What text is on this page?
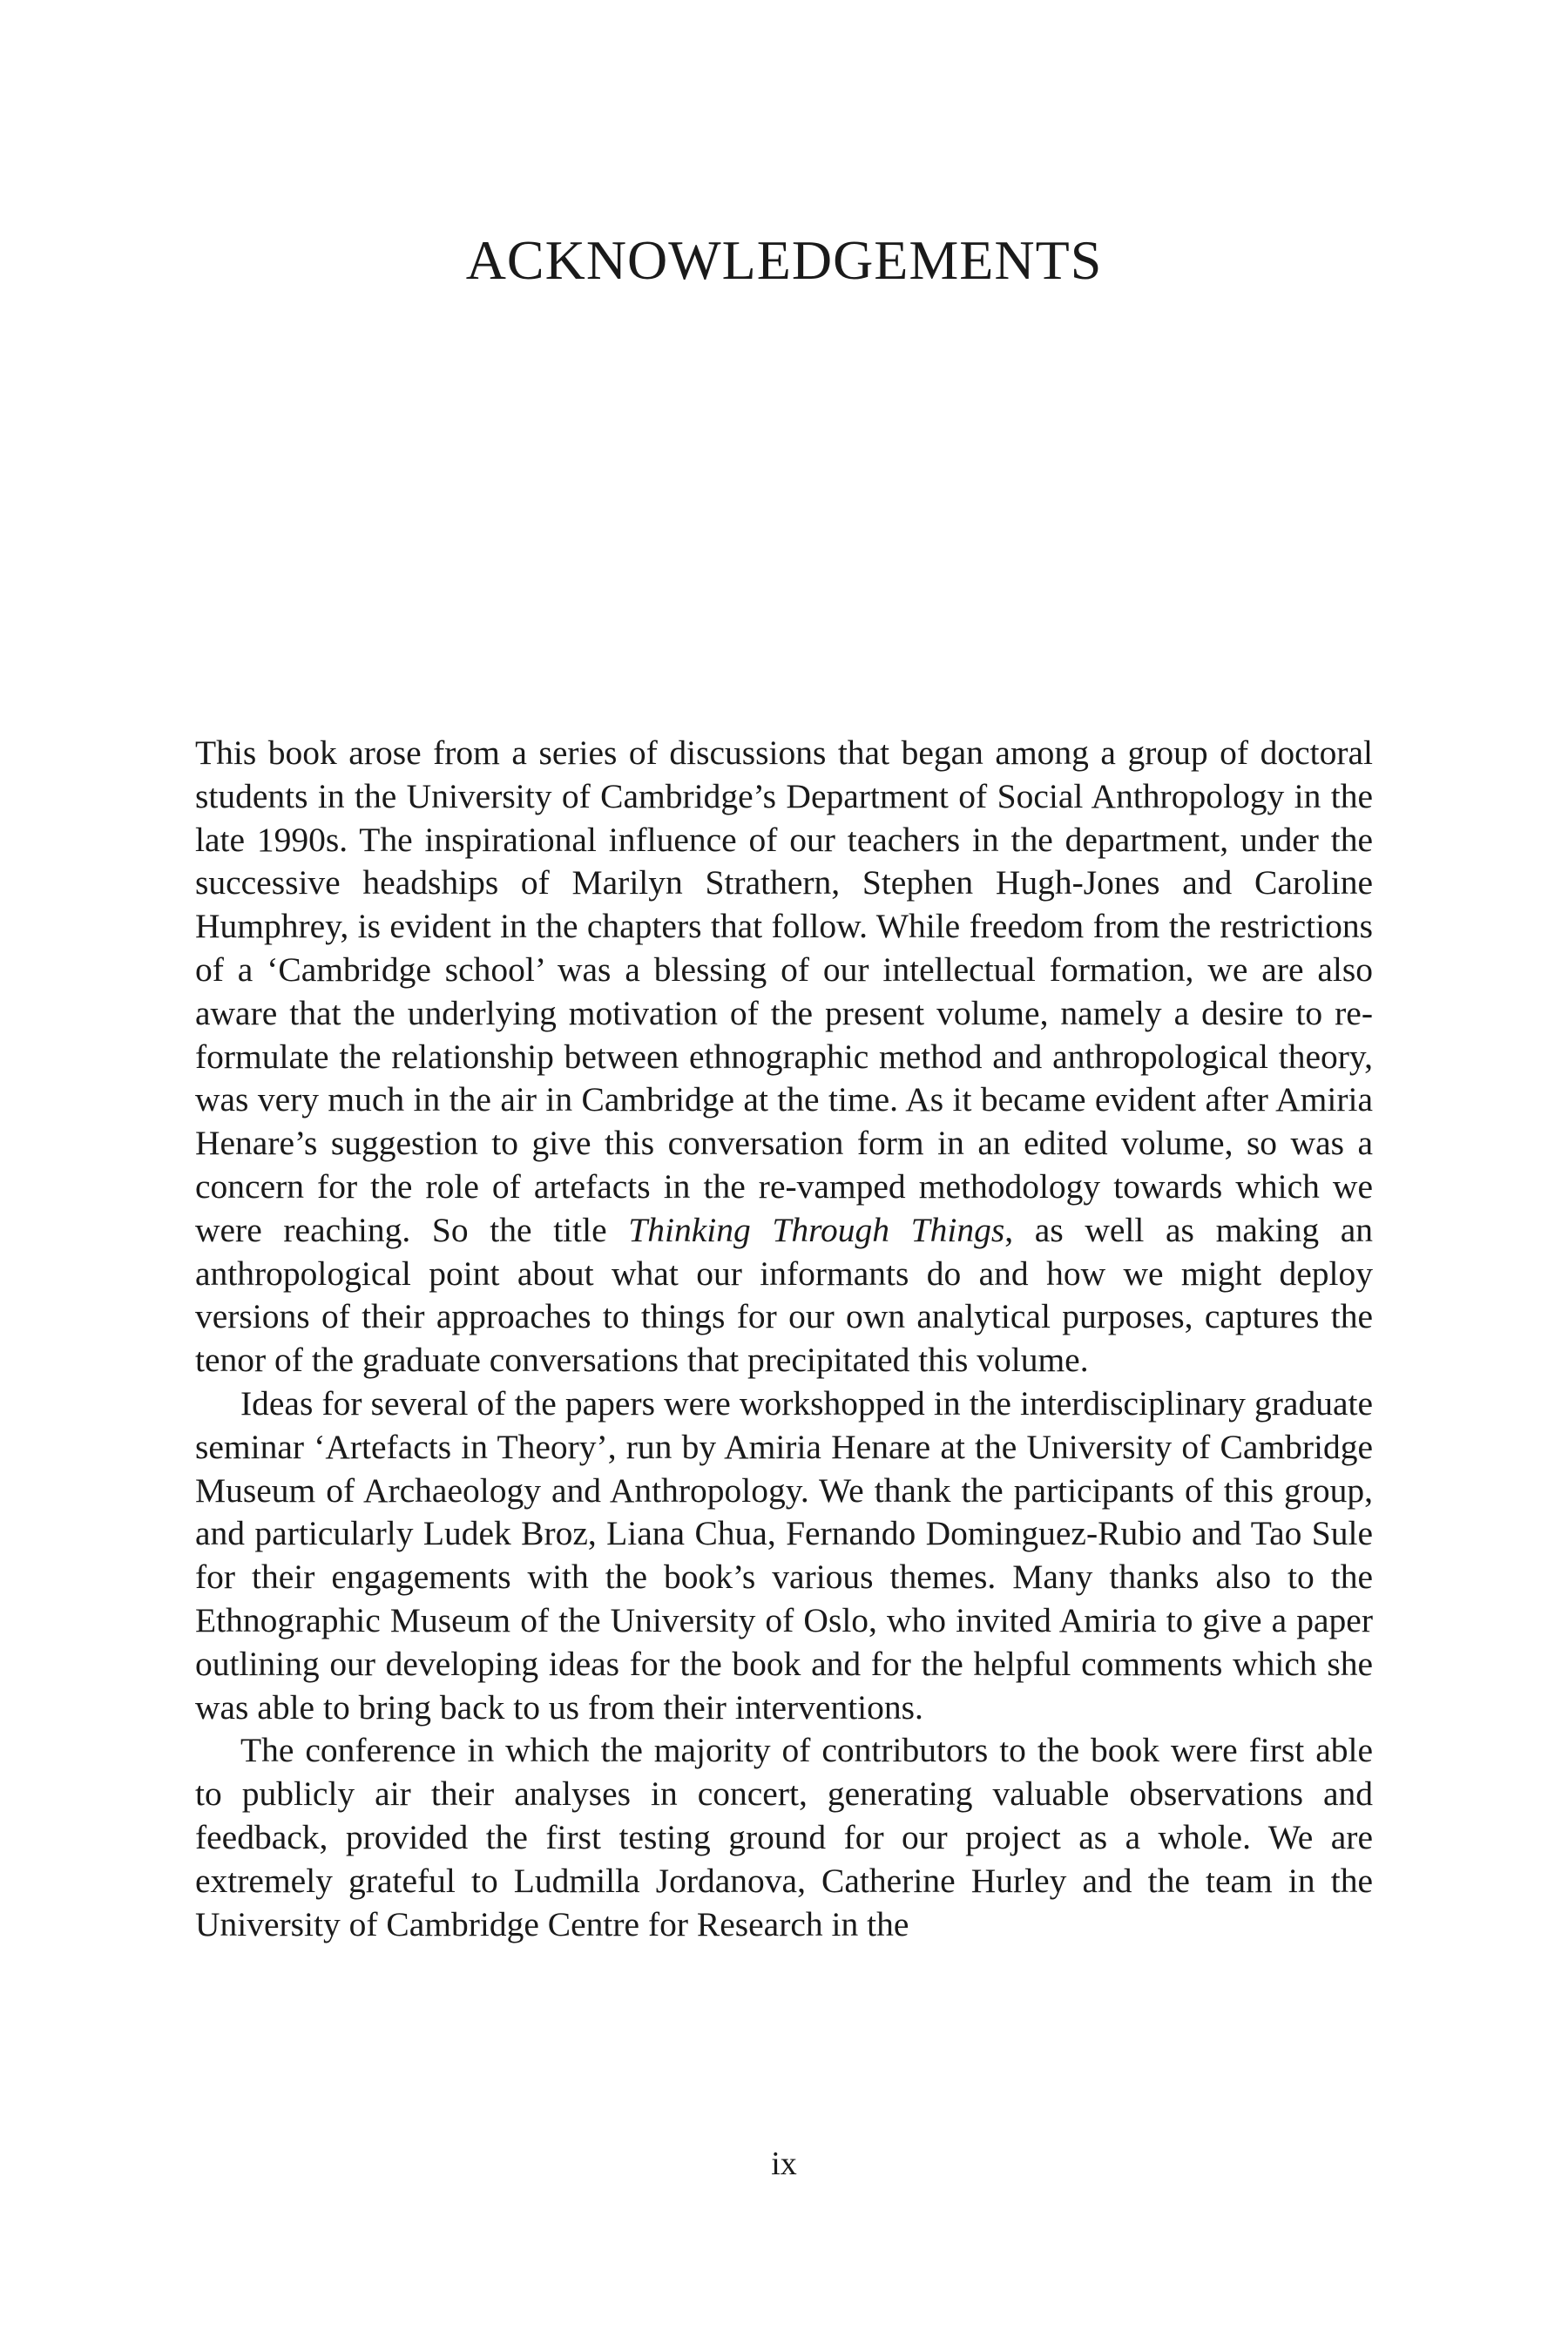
ACKNOWLEDGEMENTS

This book arose from a series of discussions that began among a group of doctoral students in the University of Cambridge’s Department of Social Anthropology in the late 1990s. The inspirational influence of our teachers in the department, under the successive headships of Marilyn Strathern, Stephen Hugh-Jones and Caroline Humphrey, is evident in the chapters that follow. While freedom from the restrictions of a ‘Cambridge school’ was a blessing of our intellectual formation, we are also aware that the underlying motivation of the present volume, namely a desire to re-formulate the relationship between ethnographic method and anthropological theory, was very much in the air in Cambridge at the time. As it became evident after Amiria Henare’s suggestion to give this conversation form in an edited volume, so was a concern for the role of artefacts in the re-vamped methodology towards which we were reaching. So the title Thinking Through Things, as well as making an anthropological point about what our informants do and how we might deploy versions of their approaches to things for our own analytical purposes, captures the tenor of the graduate conversations that precipitated this volume.

Ideas for several of the papers were workshopped in the interdisciplinary graduate seminar ‘Artefacts in Theory’, run by Amiria Henare at the University of Cambridge Museum of Archaeology and Anthropology. We thank the participants of this group, and particularly Ludek Broz, Liana Chua, Fernando Dominguez-Rubio and Tao Sule for their engagements with the book’s various themes. Many thanks also to the Ethnographic Museum of the University of Oslo, who invited Amiria to give a paper outlining our developing ideas for the book and for the helpful comments which she was able to bring back to us from their interventions.

The conference in which the majority of contributors to the book were first able to publicly air their analyses in concert, generating valuable observations and feedback, provided the first testing ground for our project as a whole. We are extremely grateful to Ludmilla Jordanova, Catherine Hurley and the team in the University of Cambridge Centre for Research in the

ix
